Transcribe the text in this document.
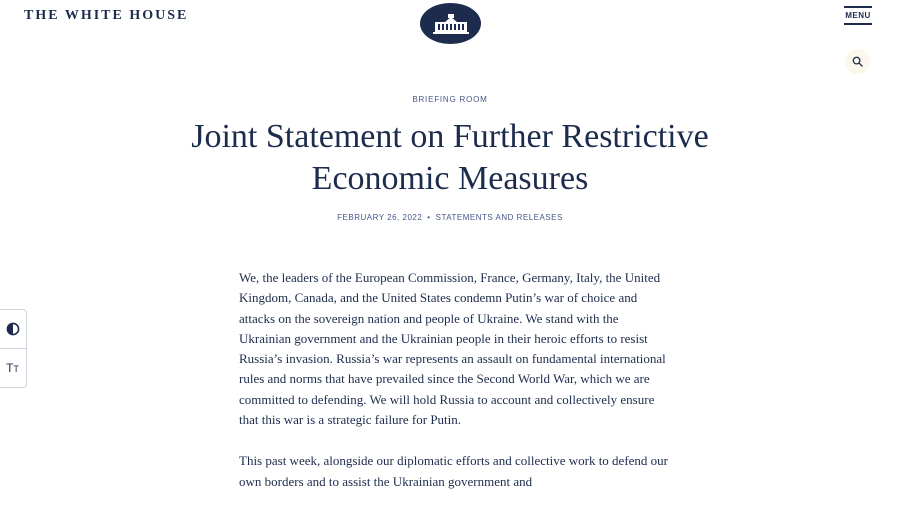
THE WHITE HOUSE	MENU
BRIEFING ROOM
Joint Statement on Further Restrictive Economic Measures
FEBRUARY 26, 2022 • STATEMENTS AND RELEASES

We, the leaders of the European Commission, France, Germany, Italy, the United Kingdom, Canada, and the United States condemn Putin’s war of choice and attacks on the sovereign nation and people of Ukraine. We stand with the Ukrainian government and the Ukrainian people in their heroic efforts to resist Russia’s invasion. Russia’s war represents an assault on fundamental international rules and norms that have prevailed since the Second World War, which we are committed to defending. We will hold Russia to account and collectively ensure that this war is a strategic failure for Putin.

This past week, alongside our diplomatic efforts and collective work to defend our own borders and to assist the Ukrainian government and

TT
